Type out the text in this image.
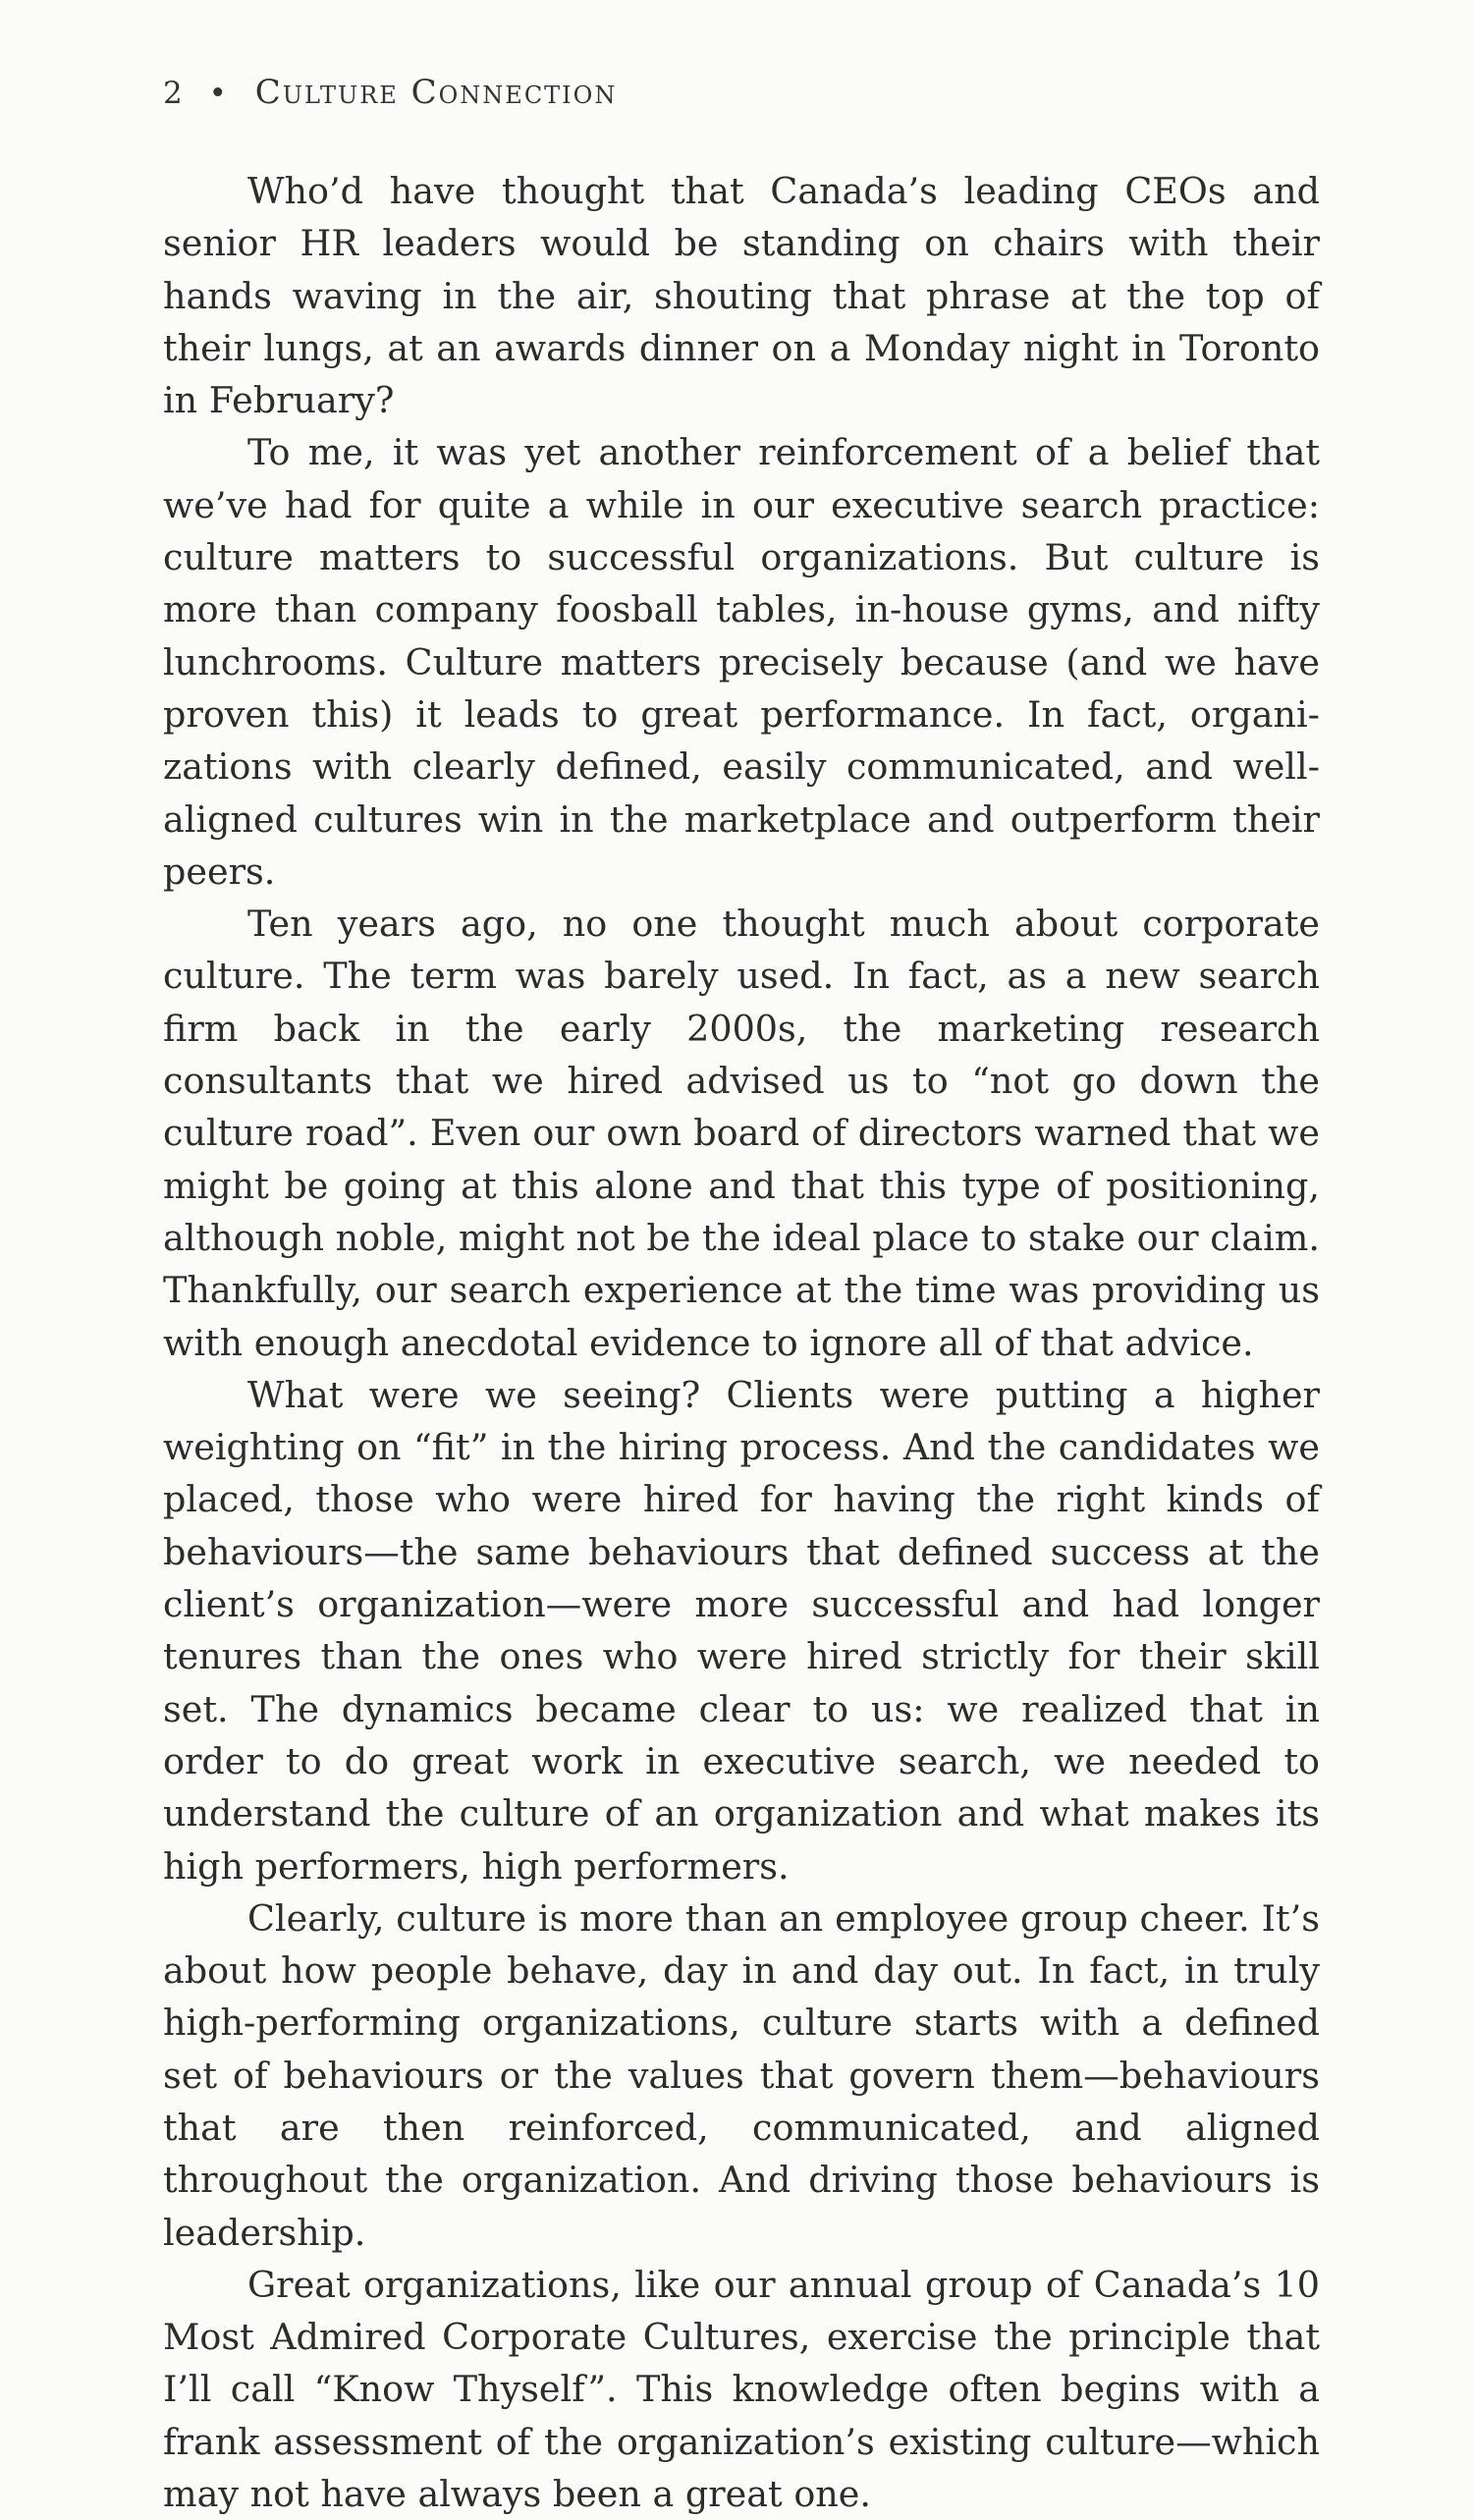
2 • Culture Connection

Who’d have thought that Canada’s leading CEOs and senior HR leaders would be standing on chairs with their hands waving in the air, shouting that phrase at the top of their lungs, at an awards dinner on a Monday night in Toronto in February?

To me, it was yet another reinforcement of a belief that we’ve had for quite a while in our executive search practice: culture matters to successful organizations. But culture is more than company foosball tables, in-house gyms, and nifty lunchrooms. Culture matters precisely because (and we have proven this) it leads to great performance. In fact, organizations with clearly defined, easily communicated, and well-aligned cultures win in the marketplace and outperform their peers.

Ten years ago, no one thought much about corporate culture. The term was barely used. In fact, as a new search firm back in the early 2000s, the marketing research consultants that we hired advised us to “not go down the culture road”. Even our own board of directors warned that we might be going at this alone and that this type of positioning, although noble, might not be the ideal place to stake our claim. Thankfully, our search experience at the time was providing us with enough anecdotal evidence to ignore all of that advice.

What were we seeing? Clients were putting a higher weighting on “fit” in the hiring process. And the candidates we placed, those who were hired for having the right kinds of behaviours—the same behaviours that defined success at the client’s organization—were more successful and had longer tenures than the ones who were hired strictly for their skill set. The dynamics became clear to us: we realized that in order to do great work in executive search, we needed to understand the culture of an organization and what makes its high performers, high performers.

Clearly, culture is more than an employee group cheer. It’s about how people behave, day in and day out. In fact, in truly high-performing organizations, culture starts with a defined set of behaviours or the values that govern them—behaviours that are then reinforced, communicated, and aligned throughout the organization. And driving those behaviours is leadership.

Great organizations, like our annual group of Canada’s 10 Most Admired Corporate Cultures, exercise the principle that I’ll call “Know Thyself”. This knowledge often begins with a frank assessment of the organization’s existing culture—which may not have always been a great one.
